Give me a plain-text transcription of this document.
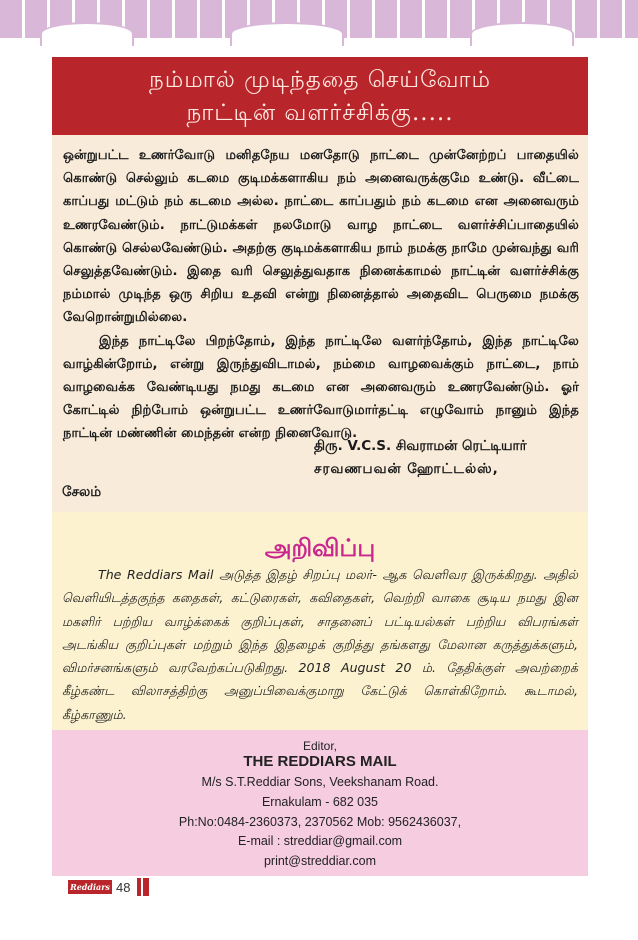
நம்மால் முடிந்ததை செய்வோம்
நாட்டின் வளர்ச்சிக்கு.....

ஒன்றுபட்ட உணர்வோடு மனிதநேய மனதோடு நாட்டை முன்னேற்றப் பாதையில் கொண்டு செல்லும் கடமை குடிமக்களாகிய நம் அனைவருக்குமே உண்டு. வீட்டை காப்பது மட்டும் நம் கடமை அல்ல. நாட்டை காப்பதும் நம் கடமை என அனைவரும் உணரவேண்டும். நாட்டுமக்கள் நலமோடு வாழ நாட்டை வளர்ச்சிப்பாதையில் கொண்டு செல்லவேண்டும். அதற்கு குடிமக்களாகிய நாம் நமக்கு நாமே முன்வந்து வரி செலுத்தவேண்டும். இதை வரி செலுத்துவதாக நினைக்காமல் நாட்டின் வளர்ச்சிக்கு நம்மால் முடிந்த ஒரு சிறிய உதவி என்று நினைத்தால் அதைவிட பெருமை நமக்கு வேறொன்றுமில்லை.

இந்த நாட்டிலே பிறந்தோம், இந்த நாட்டிலே வளர்ந்தோம், இந்த நாட்டிலே வாழ்கின்றோம், என்று இருந்துவிடாமல், நம்மை வாழவைக்கும் நாட்டை, நாம் வாழவைக்க வேண்டியது நமது கடமை என அனைவரும் உணரவேண்டும். ஓர் கோட்டில் நிற்போம் ஒன்றுபட்ட உணர்வோடுமார்தட்டி எழுவோம் நானும் இந்த நாட்டின் மண்ணின் மைந்தன் என்ற நினைவோடு.

திரு. V.C.S. சிவராமன் ரெட்டியார்
சரவணபவன் ஹோட்டல்ஸ்,
சேலம்
அறிவிப்பு

The Reddiars Mail அடுத்த இதழ் சிறப்பு மலர்- ஆக வெளிவர இருக்கிறது. அதில் வெளியிடத்தகுந்த கதைகள், கட்டுரைகள், கவிதைகள், வெற்றி வாகை சூடிய நமது இன மகளிர் பற்றிய வாழ்க்கைக் குறிப்புகள், சாதனைப் பட்டியல்கள் பற்றிய விபரங்கள் அடங்கிய குறிப்புகள் மற்றும் இந்த இதழைக் குறித்து தங்களது மேலான கருத்துக்களும், விமர்சனங்களும் வரவேற்கப்படுகிறது. 2018 August 20 ம். தேதிக்குள் அவற்றைக் கீழ்கண்ட விலாசத்திற்கு அனுப்பிவைக்குமாறு கேட்டுக் கொள்கிறோம். கூடாமல், கீழ்காணும்.

Editor,
THE REDDIARS MAIL
M/s S.T.Reddiar Sons, Veekshanam Road.
Ernakulam - 682 035
Ph:No:0484-2360373, 2370562 Mob: 9562436037,
E-mail : streddiar@gmail.com
print@streddiar.com
Reddiars 48
